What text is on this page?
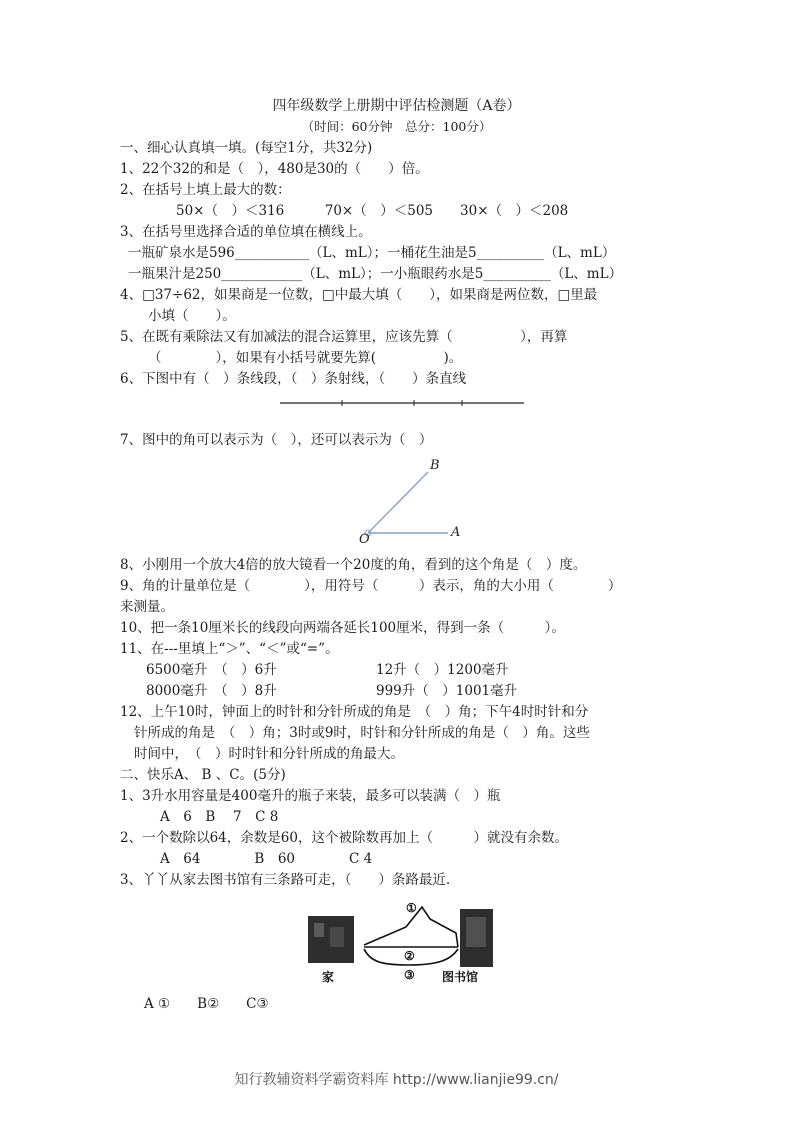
四年级数学上册期中评估检测题（A卷）
（时间：60分钟　总分：100分）
一、细心认真填一填。(每空1分，共32分)
1、22个32的和是（　），480是30的（　　）倍。
2、在括号上填上最大的数：
50×（　）＜316　　　70×（　）＜505　　30×（　）＜208
3、在括号里选择合适的单位填在横线上。
一瓶矿泉水是596___________（L、mL）；一桶花生油是5__________（L、mL）
一瓶果汁是250____________（L、mL）；一小瓶眼药水是5__________（L、mL）
4、□37÷62，如果商是一位数，□中最大填（　　），如果商是两位数，□里最
小填（　　）。
5、在既有乘除法又有加减法的混合运算里，应该先算（　　　　　），再算
（　　　　），如果有小括号就要先算(　　　　　)。
6、下图中有（　）条线段，（　）条射线，（　　）条直线
7、图中的角可以表示为（　），还可以表示为（　）
B
O	A
8、小刚用一个放大4倍的放大镜看一个20度的角，看到的这个角是（　）度。
9、角的计量单位是（　　　　），用符号（　　　）表示，角的大小用（　　　　）
来测量。
10、把一条10厘米长的线段向两端各延长100厘米，得到一条（　　　）。
11、在---里填上“＞”、“＜”或“=”。
6500毫升　（　）6升	12升（　）1200毫升
8000毫升　（　）8升	999升（　）1001毫升
12、上午10时，钟面上的时针和分针所成的角是　（　）角；下午4时时针和分
针所成的角是　（　）角；3时或9时，时针和分针所成的角是（　）角。这些
时间中，　（　）时时针和分针所成的角最大。
二、快乐A、 B 、C。(5分)
1、3升水用容量是400毫升的瓶子来装，最多可以装满（　）瓶
A　6　B　 7　C 8
2、一个数除以64，余数是60，这个被除数再加上（　　　）就没有余数。
A　64　　　　B　60　　　　C 4
3、丫丫从家去图书馆有三条路可走，（　　）条路最近.
①
②
③
家	图书馆
A ①　　B②　　C③
知行教辅资料学霸资料库 http://www.lianjie99.cn/
